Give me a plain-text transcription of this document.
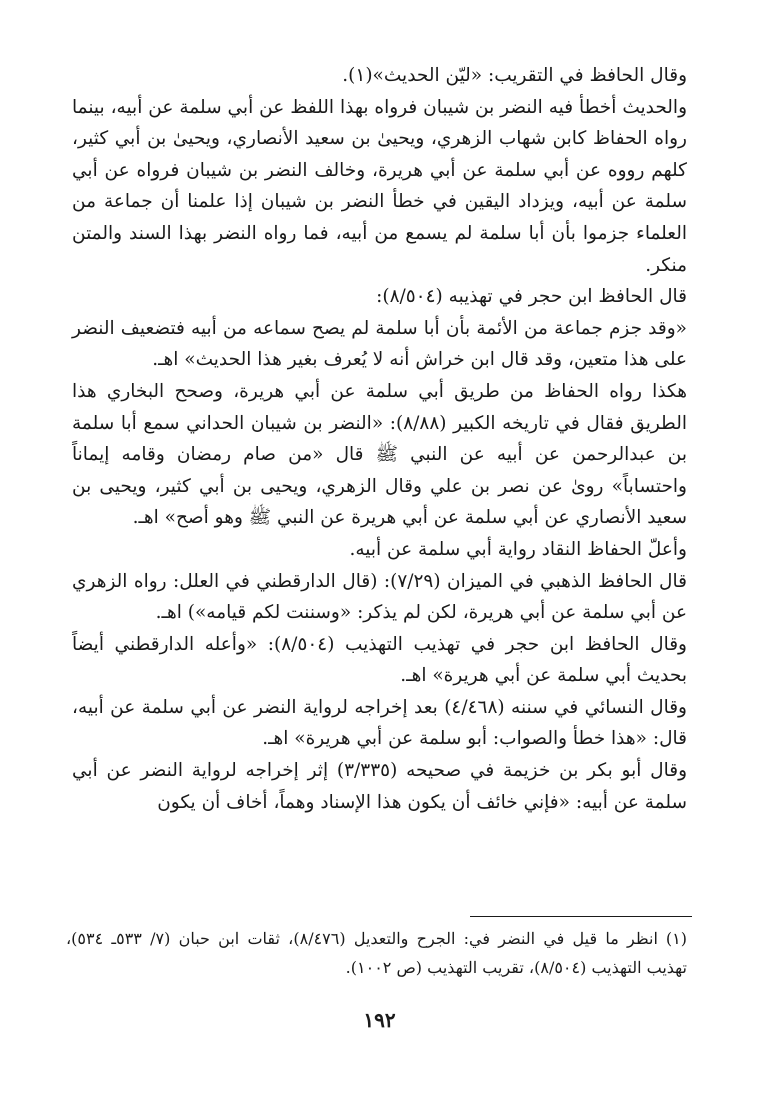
وقال الحافظ في التقريب: «ليّن الحديث»(١).

والحديث أخطأ فيه النضر بن شيبان فرواه بهذا اللفظ عن أبي سلمة عن أبيه، بينما رواه الحفاظ كابن شهاب الزهري، ويحيىٰ بن سعيد الأنصاري، ويحيىٰ بن أبي كثير، كلهم رووه عن أبي سلمة عن أبي هريرة، وخالف النضر بن شيبان فرواه عن أبي سلمة عن أبيه، ويزداد اليقين في خطأ النضر بن شيبان إذا علمنا أن جماعة من العلماء جزموا بأن أبا سلمة لم يسمع من أبيه، فما رواه النضر بهذا السند والمتن منكر.

قال الحافظ ابن حجر في تهذيبه (٨/٥٠٤):

«وقد جزم جماعة من الأئمة بأن أبا سلمة لم يصح سماعه من أبيه فتضعيف النضر على هذا متعين، وقد قال ابن خراش أنه لا يُعرف بغير هذا الحديث» اهـ.

هكذا رواه الحفاظ من طريق أبي سلمة عن أبي هريرة، وصحح البخاري هذا الطريق فقال في تاريخه الكبير (٨/٨٨): «النضر بن شيبان الحداني سمع أبا سلمة بن عبدالرحمن عن أبيه عن النبي ﷺ قال «من صام رمضان وقامه إيماناً واحتساباً» روىٰ عن نصر بن علي وقال الزهري، ويحيى بن أبي كثير، ويحيى بن سعيد الأنصاري عن أبي سلمة عن أبي هريرة عن النبي ﷺ وهو أصح» اهـ.

وأعلّ الحفاظ النقاد رواية أبي سلمة عن أبيه.

قال الحافظ الذهبي في الميزان (٧/٢٩): (قال الدارقطني في العلل: رواه الزهري عن أبي سلمة عن أبي هريرة، لكن لم يذكر: «وسننت لكم قيامه») اهـ.

وقال الحافظ ابن حجر في تهذيب التهذيب (٨/٥٠٤): «وأعله الدارقطني أيضاً بحديث أبي سلمة عن أبي هريرة» اهـ.

وقال النسائي في سننه (٤/٤٦٨) بعد إخراجه لرواية النضر عن أبي سلمة عن أبيه، قال: «هذا خطأ والصواب: أبو سلمة عن أبي هريرة» اهـ.

وقال أبو بكر بن خزيمة في صحيحه (٣/٣٣٥) إثر إخراجه لرواية النضر عن أبي سلمة عن أبيه: «فإني خائف أن يكون هذا الإسناد وهماً، أخاف أن يكون

(١)انظر ما قيل في النضر في: الجرح والتعديل (٨/٤٧٦)، ثقات ابن حبان (٧/ ٥٣٣ـ ٥٣٤)، تهذيب التهذيب (٨/٥٠٤)، تقريب التهذيب (ص ١٠٠٢).

١٩٢
